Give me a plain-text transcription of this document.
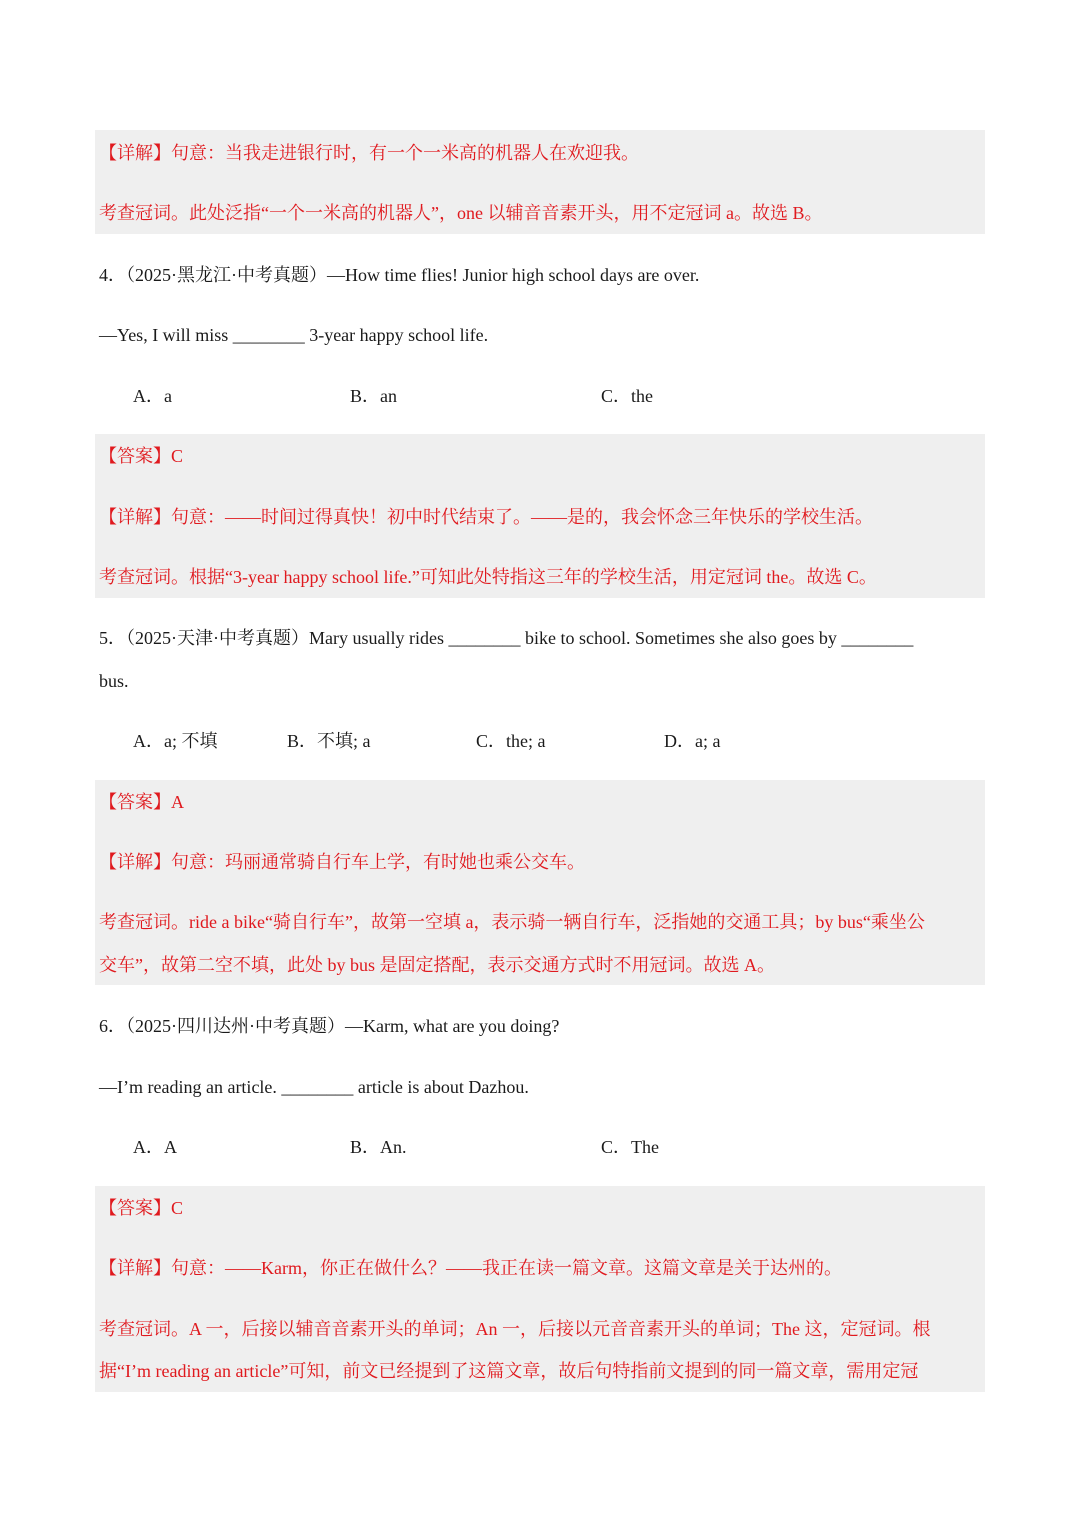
【详解】句意：当我走进银行时，有一个一米高的机器人在欢迎我。
考查冠词。此处泛指“一个一米高的机器人”，one 以辅音音素开头，用不定冠词 a。故选 B。
4．（2025·黑龙江·中考真题）—How time flies! Junior high school days are over.
—Yes, I will miss ________ 3-year happy school life.
A．a	B．an	C．the
【答案】C
【详解】句意：——时间过得真快！初中时代结束了。——是的，我会怀念三年快乐的学校生活。
考查冠词。根据“3-year happy school life.”可知此处特指这三年的学校生活，用定冠词 the。故选 C。
5．（2025·天津·中考真题）Mary usually rides ________ bike to school. Sometimes she also goes by ________
bus.
A．a; 不填	B．不填; a	C．the; a	D．a; a
【答案】A
【详解】句意：玛丽通常骑自行车上学，有时她也乘公交车。
考查冠词。ride a bike“骑自行车”，故第一空填 a，表示骑一辆自行车，泛指她的交通工具；by bus“乘坐公
交车”，故第二空不填，此处 by bus 是固定搭配，表示交通方式时不用冠词。故选 A。
6．（2025·四川达州·中考真题）—Karm, what are you doing?
—I’m reading an article. ________ article is about Dazhou.
A．A	B．An.	C．The
【答案】C
【详解】句意：——Karm，你正在做什么？——我正在读一篇文章。这篇文章是关于达州的。
考查冠词。A 一，后接以辅音音素开头的单词；An 一，后接以元音音素开头的单词；The 这，定冠词。根
据“I’m reading an article”可知，前文已经提到了这篇文章，故后句特指前文提到的同一篇文章，需用定冠
